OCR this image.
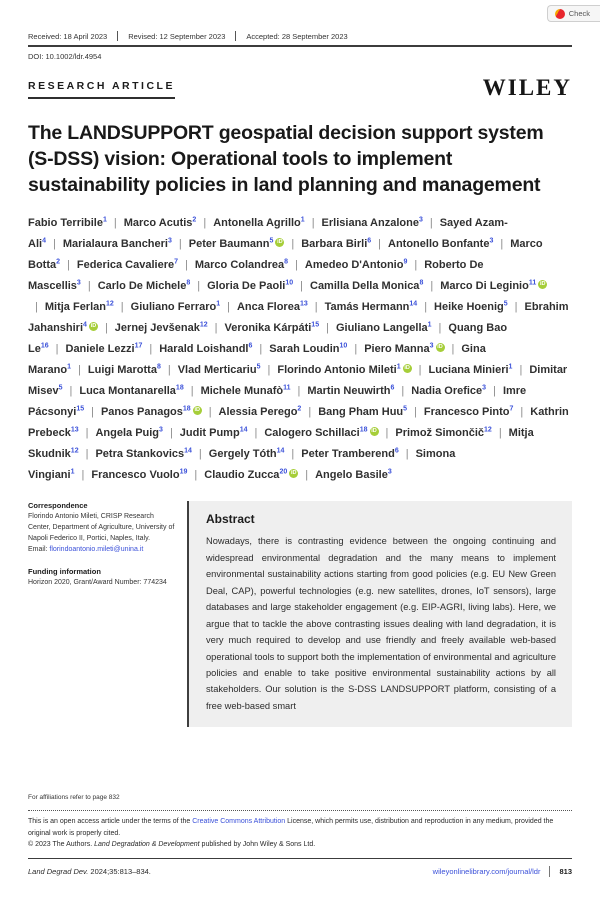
Check
Received: 18 April 2023	Revised: 12 September 2023	Accepted: 28 September 2023
DOI: 10.1002/ldr.4954
RESEARCH ARTICLE	WILEY
The LANDSUPPORT geospatial decision support system (S-DSS) vision: Operational tools to implement sustainability policies in land planning and management
Fabio Terribile$^1$ | Marco Acutis$^2$ | Antonella Agrillo$^1$ | Erlisiana Anzalone$^3$ | Sayed Azam-Ali$^4$ | Marialaura Bancheri$^3$ | Peter Baumann$^5$ iD | Barbara Birli$^6$ | Antonello Bonfante$^3$ | Marco Botta$^2$ | Federica Cavaliere$^7$ | Marco Colandrea$^8$ | Amedeo D'Antonio$^9$ | Roberto De Mascellis$^3$ | Carlo De Michele$^8$ | Gloria De Paoli$^{10}$ | Camilla Della Monica$^8$ | Marco Di Leginio$^{11}$ iD| Mitja Ferlan$^{12}$ | Giuliano Ferraro$^1$ | Anca Florea$^{13}$ | Tamás Hermann$^{14}$ | Heike Hoenig$^5$ | Ebrahim Jahanshiri$^4$ iD | Jernej Jevšenak$^{12}$ | Veronika Kárpáti$^{15}$ | Giuliano Langella$^1$ | Quang Bao Le$^{16}$ | Daniele Lezzi$^{17}$ | Harald Loishandl$^6$ | Sarah Loudin$^{10}$ | Piero Manna$^3$ iD | Gina Marano$^1$ | Luigi Marotta$^8$ | Vlad Merticariu$^5$ | Florindo Antonio Mileti$^1$ iD | Luciana Minieri$^1$ | Dimitar Misev$^5$ | Luca Montanarella$^{18}$ | Michele Munafò$^{11}$ | Martin Neuwirth$^6$ | Nadia Orefice$^3$ | Imre Pácsonyi$^{15}$ | Panos Panagos$^{18}$ iD | Alessia Perego$^2$ | Bang Pham Huu$^5$ | Francesco Pinto$^7$ | Kathrin Prebeck$^{13}$ | Angela Puig$^3$ | Judit Pump$^{14}$ | Calogero Schillaci$^{18}$ iD | Primož Simončič$^{12}$ | Mitja Skudnik$^{12}$ | Petra Stankovics$^{14}$ | Gergely Tóth$^{14}$ | Peter Tramberend$^6$ | Simona Vingiani$^1$ | Francesco Vuolo$^{19}$ | Claudio Zucca$^{20}$ iD | Angelo Basile$^3$
Correspondence

Florindo Antonio Mileti, CRISP Research Center, Department of Agriculture, University of Napoli Federico II, Portici, Naples, Italy.

Email: florindoantonio.mileti@unina.it

Funding information

Horizon 2020, Grant/Award Number: 774234

Abstract

Nowadays, there is contrasting evidence between the ongoing continuing and widespread environmental degradation and the many means to implement environmental sustainability actions starting from good policies (e.g. EU New Green Deal, CAP), powerful technologies (e.g. new satellites, drones, IoT sensors), large databases and large stakeholder engagement (e.g. EIP-AGRI, living labs). Here, we argue that to tackle the above contrasting issues dealing with land degradation, it is very much required to develop and use friendly and freely available web-based operational tools to support both the implementation of environmental and agriculture policies and enable to take positive environmental sustainability actions by all stakeholders. Our solution is the S-DSS LANDSUPPORT platform, consisting of a free web-based smart

For affiliations refer to page 832

This is an open access article under the terms of the Creative Commons Attribution License, which permits use, distribution and reproduction in any medium, provided the original work is properly cited.

© 2023 The Authors. Land Degradation & Development published by John Wiley & Sons Ltd.

Land Degrad Dev. 2024;35:813–834.	wileyonlinelibrary.com/journal/ldr	813
